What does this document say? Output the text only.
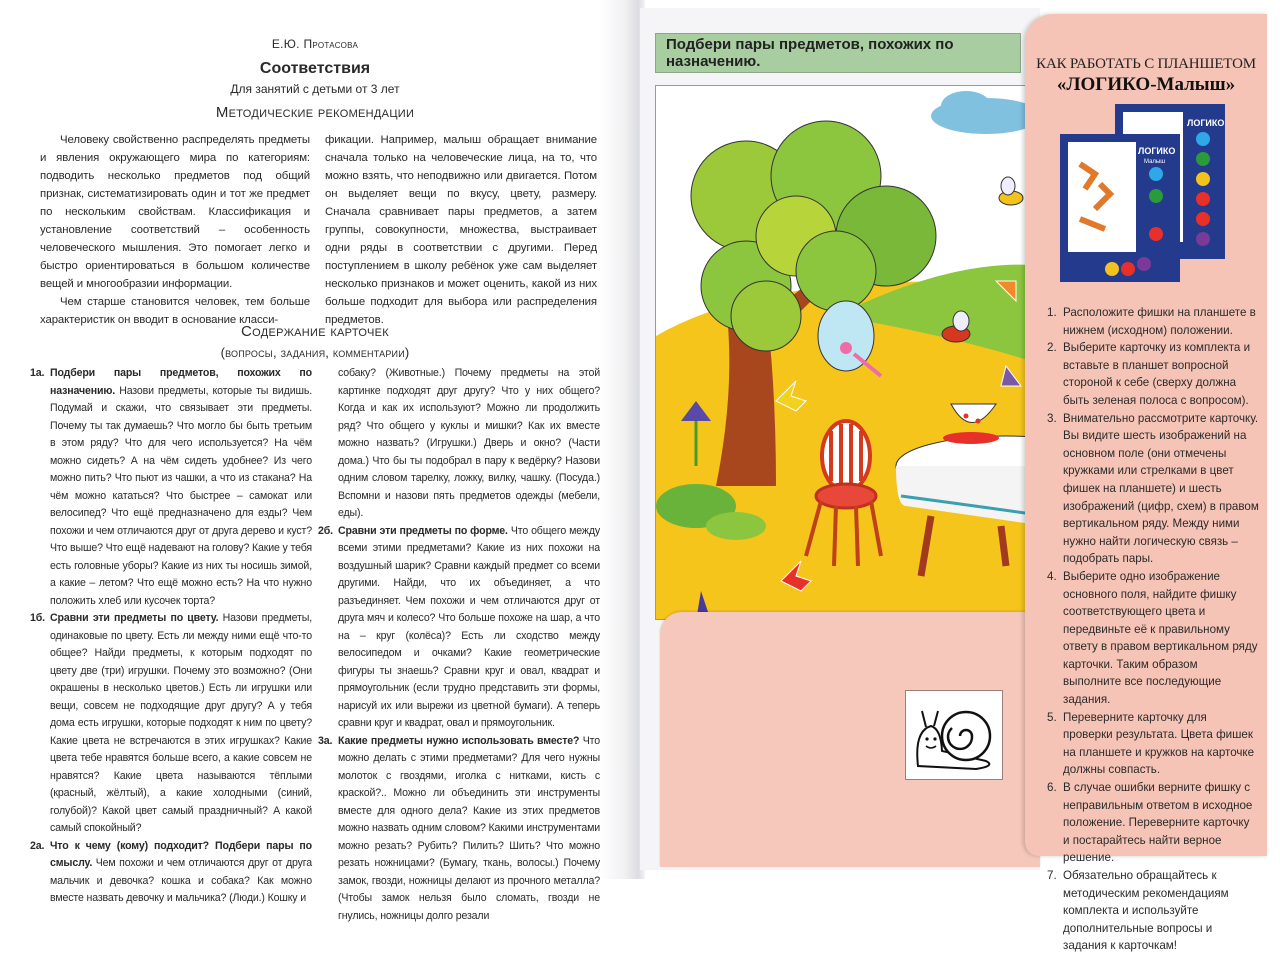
Е.Ю. Протасова
Соответствия
Для занятий с детьми от 3 лет
Методические рекомендации

Человеку свойственно распределять предметы и явления окружающего мира по категориям: подводить несколько предметов под общий признак, систематизировать один и тот же предмет по нескольким свойствам. Классификация и установление соответствий – особенность человеческого мышления. Это помогает легко и быстро ориентироваться в большом количестве вещей и многообразии информации.

Чем старше становится человек, тем больше характеристик он вводит в основание класси-

фикации. Например, малыш обращает внимание сначала только на человеческие лица, на то, что можно взять, что неподвижно или двигается. Потом он выделяет вещи по вкусу, цвету, размеру. Сначала сравнивает пары предметов, а затем группы, совокупности, множества, выстраивает одни ряды в соответствии с другими. Перед поступлением в школу ребёнок уже сам выделяет несколько признаков и может оценить, какой из них больше подходит для выбора или распределения предметов.

Содержание карточек
(вопросы, задания, комментарии)

1а. Подбери пары предметов, похожих по назначению. Назови предметы, которые ты видишь. Подумай и скажи, что связывает эти предметы. Почему ты так думаешь? Что могло бы быть третьим в этом ряду? Что для чего используется? На чём можно сидеть? А на чём сидеть удобнее? Из чего можно пить? Что пьют из чашки, а что из стакана? На чём можно кататься? Что быстрее – самокат или велосипед? Что ещё предназначено для езды? Чем похожи и чем отличаются друг от друга дерево и куст? Что выше? Что ещё надевают на голову? Какие у тебя есть головные уборы? Какие из них ты носишь зимой, а какие – летом? Что ещё можно есть? На что нужно положить хлеб или кусочек торта?

1б. Сравни эти предметы по цвету. Назови предметы, одинаковые по цвету. Есть ли между ними ещё что-то общее? Найди предметы, к которым подходят по цвету две (три) игрушки. Почему это возможно? (Они окрашены в несколько цветов.) Есть ли игрушки или вещи, совсем не подходящие друг другу? А у тебя дома есть игрушки, которые подходят к ним по цвету? Какие цвета не встречаются в этих игрушках? Какие цвета тебе нравятся больше всего, а какие совсем не нравятся? Какие цвета называются тёплыми (красный, жёлтый), а какие холодными (синий, голубой)? Какой цвет самый праздничный? А какой самый спокойный?

2а. Что к чему (кому) подходит? Подбери пары по смыслу. Чем похожи и чем отличаются друг от друга мальчик и девочка? кошка и собака? Как можно вместе назвать девочку и мальчика? (Люди.) Кошку и

собаку? (Животные.) Почему предметы на этой картинке подходят друг другу? Что у них общего? Когда и как их используют? Можно ли продолжить ряд? Что общего у куклы и мишки? Как их вместе можно назвать? (Игрушки.) Дверь и окно? (Части дома.) Что бы ты подобрал в пару к ведёрку? Назови одним словом тарелку, ложку, вилку, чашку. (Посуда.) Вспомни и назови пять предметов одежды (мебели, еды).

2б. Сравни эти предметы по форме. Что общего между всеми этими предметами? Какие из них похожи на воздушный шарик? Сравни каждый предмет со всеми другими. Найди, что их объединяет, а что разъединяет. Чем похожи и чем отличаются друг от друга мяч и колесо? Что больше похоже на шар, а что на – круг (колёса)? Есть ли сходство между велосипедом и очками? Какие геометрические фигуры ты знаешь? Сравни круг и овал, квадрат и прямоугольник (если трудно представить эти формы, нарисуй их или вырежи из цветной бумаги). А теперь сравни круг и квадрат, овал и прямоугольник.

3а. Какие предметы нужно использовать вместе? Что можно делать с этими предметами? Для чего нужны молоток с гвоздями, иголка с нитками, кисть с краской?.. Можно ли объединить эти инструменты вместе для одного дела? Какие из этих предметов можно назвать одним словом? Какими инструментами можно резать? Рубить? Пилить? Шить? Что можно резать ножницами? (Бумагу, ткань, волосы.) Почему замок, гвозди, ножницы делают из прочного металла? (Чтобы замок нельзя было сломать, гвозди не гнулись, ножницы долго резали

Подбери пары предметов, похожих по назначению.	КАК РАБОТАТЬ С ПЛАНШЕТОМ
«ЛОГИКО-Малыш»
ЛОГИКО
ЛОГИКО
Малыш
1. Расположите фишки на планшете в нижнем (исходном) положении.
2. Выберите карточку из комплекта и вставьте в планшет вопросной стороной к себе (сверху должна быть зеленая полоса с вопросом).
3. Внимательно рассмотрите карточку. Вы видите шесть изображений на основном поле (они отмечены кружками или стрелками в цвет фишек на планшете) и шесть изображений (цифр, схем) в правом вертикальном ряду. Между ними нужно найти логическую связь – подобрать пары.
4. Выберите одно изображение основного поля, найдите фишку соответствующего цвета и передвиньте её к правильному ответу в правом вертикальном ряду карточки. Таким образом выполните все последующие задания.
5. Переверните карточку для проверки результата. Цвета фишек на планшете и кружков на карточке должны совпасть.
6. В случае ошибки верните фишку с неправильным ответом в исходное положение. Переверните карточку и постарайтесь найти верное решение.
7. Обязательно обращайтесь к методическим рекомендациям комплекта и используйте дополнительные вопросы и задания к карточкам!
